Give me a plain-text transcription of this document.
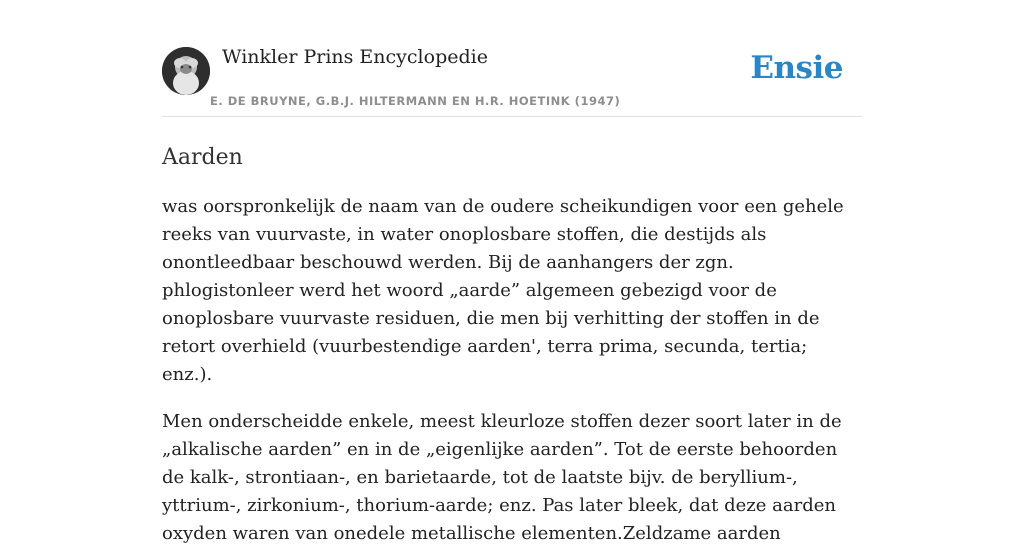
Winkler Prins Encyclopedie
E. DE BRUYNE, G.B.J. HILTERMANN EN H.R. HOETINK (1947)
Ensie
Aarden

was oorspronkelijk de naam van de oudere scheikundigen voor een gehele reeks van vuurvaste, in water onoplosbare stoffen, die destijds als onontleedbaar beschouwd werden. Bij de aanhangers der zgn. phlogistonleer werd het woord „aarde” algemeen gebezigd voor de onoplosbare vuurvaste residuen, die men bij verhitting der stoffen in de retort overhield (vuurbestendige aarden', terra prima, secunda, tertia; enz.).

Men onderscheidde enkele, meest kleurloze stoffen dezer soort later in de „alkalische aarden” en in de „eigenlijke aarden”. Tot de eerste behoorden de kalk-, strontiaan-, en barietaarde, tot de laatste bijv. de beryllium-, yttrium-, zirkonium-, thorium-aarde; enz. Pas later bleek, dat deze aarden oxyden waren van onedele metallische elementen.Zeldzame aarden
